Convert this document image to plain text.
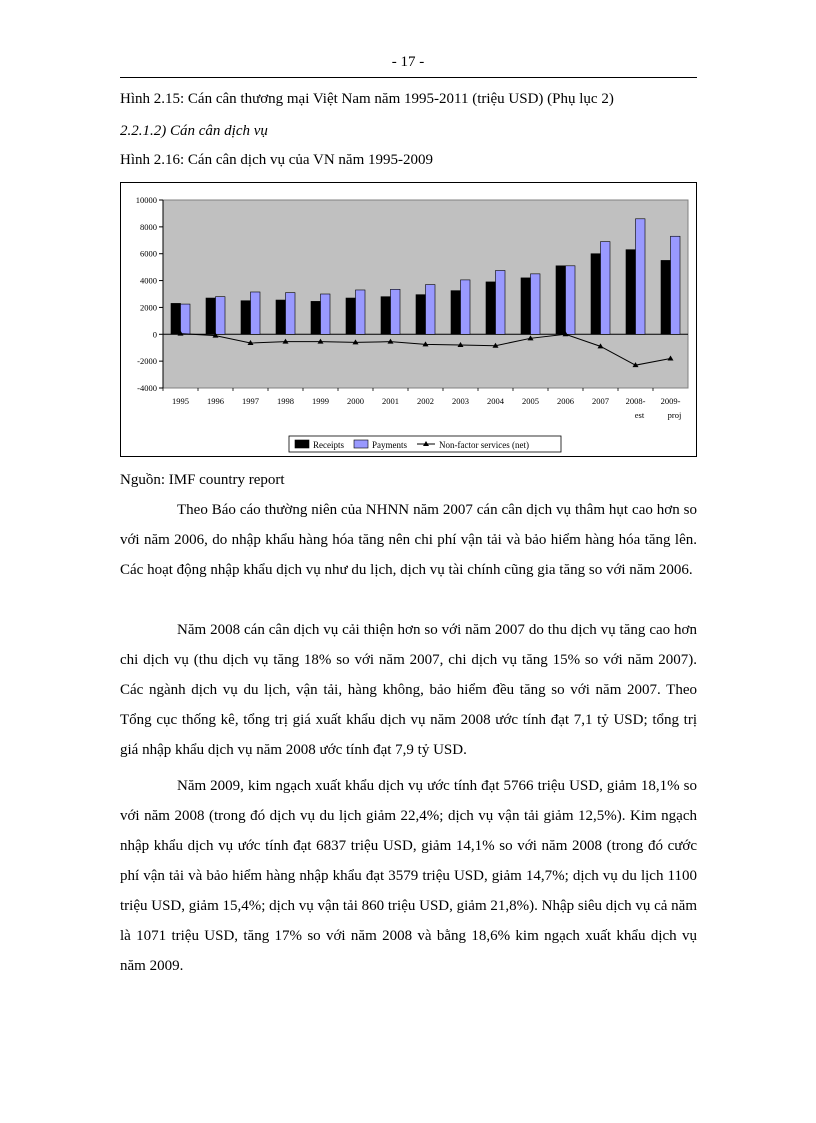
- 17 -
Hình 2.15: Cán cân thương mại Việt Nam năm 1995-2011 (triệu USD) (Phụ lục 2)
2.2.1.2) Cán cân dịch vụ
Hình 2.16: Cán cân dịch vụ của VN năm 1995-2009
10000
8000
6000
4000
2000
0
-2000
-4000
1995 1996 1997 1998 1999 2000 2001 2002 2003 2004 2005 2006 2007 2008-
est
2009-
proj
Receipts	Payments	Non-factor services (net)
Nguồn: IMF country report
Theo Báo cáo thường niên của NHNN năm 2007 cán cân dịch vụ thâm hụt cao hơn so với năm 2006, do nhập khẩu hàng hóa tăng nên chi phí vận tải và bảo hiểm hàng hóa tăng lên. Các hoạt động nhập khẩu dịch vụ như du lịch, dịch vụ tài chính cũng gia tăng so với năm 2006.
Năm 2008 cán cân dịch vụ cải thiện hơn so với năm 2007 do thu dịch vụ tăng cao hơn chi dịch vụ (thu dịch vụ tăng 18% so với năm 2007, chi dịch vụ tăng 15% so với năm 2007). Các ngành dịch vụ du lịch, vận tải, hàng không, bảo hiểm đều tăng so với năm 2007. Theo Tổng cục thống kê, tổng trị giá xuất khẩu dịch vụ năm 2008 ước tính đạt 7,1 tỷ USD; tổng trị giá nhập khẩu dịch vụ năm 2008 ước tính đạt 7,9 tỷ USD.
Năm 2009, kim ngạch xuất khẩu dịch vụ ước tính đạt 5766 triệu USD, giảm 18,1% so với năm 2008 (trong đó dịch vụ du lịch giảm 22,4%; dịch vụ vận tải giảm 12,5%). Kim ngạch nhập khẩu dịch vụ ước tính đạt 6837 triệu USD, giảm 14,1% so với năm 2008 (trong đó cước phí vận tải và bảo hiểm hàng nhập khẩu đạt 3579 triệu USD, giảm 14,7%; dịch vụ du lịch 1100 triệu USD, giảm 15,4%; dịch vụ vận tải 860 triệu USD, giảm 21,8%). Nhập siêu dịch vụ cả năm là 1071 triệu USD, tăng 17% so với năm 2008 và bằng 18,6% kim ngạch xuất khẩu dịch vụ năm 2009.
